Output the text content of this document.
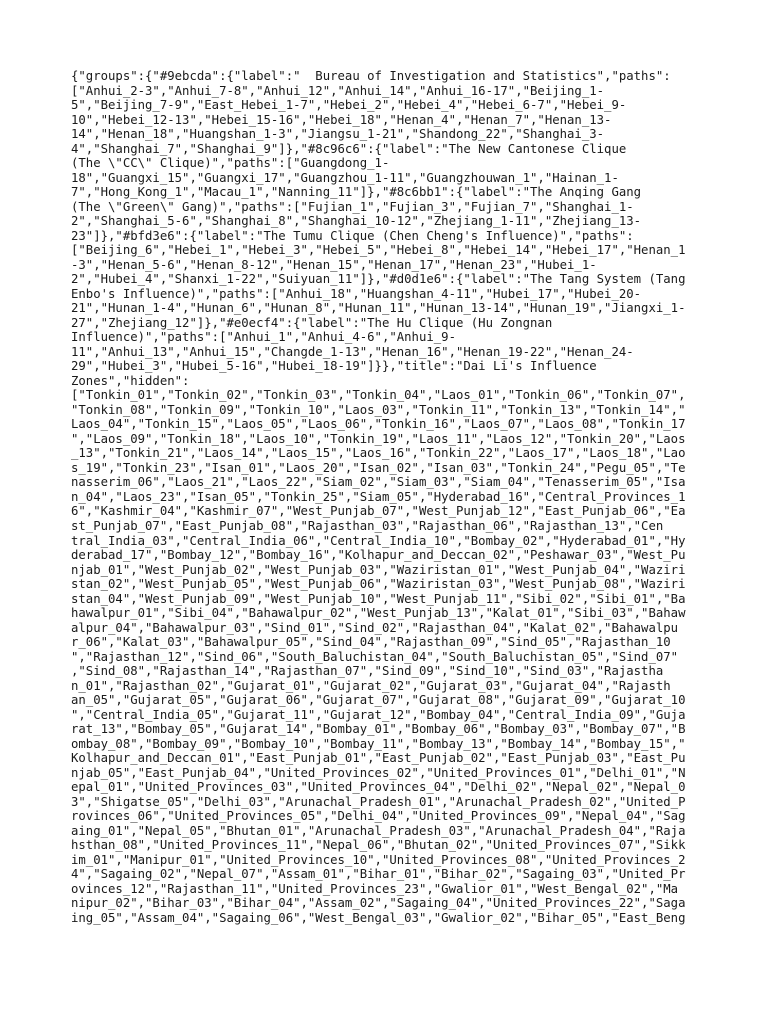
{"groups":{"#9ebcda":{"label":"  Bureau of Investigation and Statistics","paths":
["Anhui_2-3","Anhui_7-8","Anhui_12","Anhui_14","Anhui_16-17","Beijing_1-
5","Beijing_7-9","East_Hebei_1-7","Hebei_2","Hebei_4","Hebei_6-7","Hebei_9-
10","Hebei_12-13","Hebei_15-16","Hebei_18","Henan_4","Henan_7","Henan_13-
14","Henan_18","Huangshan_1-3","Jiangsu_1-21","Shandong_22","Shanghai_3-
4","Shanghai_7","Shanghai_9"]},"#8c96c6":{"label":"The New Cantonese Clique
(The \"CC\" Clique)","paths":["Guangdong_1-
18","Guangxi_15","Guangxi_17","Guangzhou_1-11","Guangzhouwan_1","Hainan_1-
7","Hong_Kong_1","Macau_1","Nanning_11"]},"#8c6bb1":{"label":"The Anqing Gang
(The \"Green\" Gang)","paths":["Fujian_1","Fujian_3","Fujian_7","Shanghai_1-
2","Shanghai_5-6","Shanghai_8","Shanghai_10-12","Zhejiang_1-11","Zhejiang_13-
23"]},"#bfd3e6":{"label":"The Tumu Clique (Chen Cheng's Influence)","paths":
["Beijing_6","Hebei_1","Hebei_3","Hebei_5","Hebei_8","Hebei_14","Hebei_17","Henan_1
-3","Henan_5-6","Henan_8-12","Henan_15","Henan_17","Henan_23","Hubei_1-
2","Hubei_4","Shanxi_1-22","Suiyuan_11"]},"#d0d1e6":{"label":"The Tang System (Tang
Enbo's Influence)","paths":["Anhui_18","Huangshan_4-11","Hubei_17","Hubei_20-
21","Hunan_1-4","Hunan_6","Hunan_8","Hunan_11","Hunan_13-14","Hunan_19","Jiangxi_1-
27","Zhejiang_12"]},"#e0ecf4":{"label":"The Hu Clique (Hu Zongnan
Influence)","paths":["Anhui_1","Anhui_4-6","Anhui_9-
11","Anhui_13","Anhui_15","Changde_1-13","Henan_16","Henan_19-22","Henan_24-
29","Hubei_3","Hubei_5-16","Hubei_18-19"]}},"title":"Dai Li's Influence
Zones","hidden":
["Tonkin_01","Tonkin_02","Tonkin_03","Tonkin_04","Laos_01","Tonkin_06","Tonkin_07",
"Tonkin_08","Tonkin_09","Tonkin_10","Laos_03","Tonkin_11","Tonkin_13","Tonkin_14","
Laos_04","Tonkin_15","Laos_05","Laos_06","Tonkin_16","Laos_07","Laos_08","Tonkin_17
","Laos_09","Tonkin_18","Laos_10","Tonkin_19","Laos_11","Laos_12","Tonkin_20","Laos
_13","Tonkin_21","Laos_14","Laos_15","Laos_16","Tonkin_22","Laos_17","Laos_18","Lao
s_19","Tonkin_23","Isan_01","Laos_20","Isan_02","Isan_03","Tonkin_24","Pegu_05","Te
nasserim_06","Laos_21","Laos_22","Siam_02","Siam_03","Siam_04","Tenasserim_05","Isa
n_04","Laos_23","Isan_05","Tonkin_25","Siam_05","Hyderabad_16","Central_Provinces_1
6","Kashmir_04","Kashmir_07","West_Punjab_07","West_Punjab_12","East_Punjab_06","Ea
st_Punjab_07","East_Punjab_08","Rajasthan_03","Rajasthan_06","Rajasthan_13","Cen
tral_India_03","Central_India_06","Central_India_10","Bombay_02","Hyderabad_01","Hy
derabad_17","Bombay_12","Bombay_16","Kolhapur_and_Deccan_02","Peshawar_03","West_Pu
njab_01","West_Punjab_02","West_Punjab_03","Waziristan_01","West_Punjab_04","Waziri
stan_02","West_Punjab_05","West_Punjab_06","Waziristan_03","West_Punjab_08","Waziri
stan_04","West_Punjab_09","West_Punjab_10","West_Punjab_11","Sibi_02","Sibi_01","Ba
hawalpur_01","Sibi_04","Bahawalpur_02","West_Punjab_13","Kalat_01","Sibi_03","Bahaw
alpur_04","Bahawalpur_03","Sind_01","Sind_02","Rajasthan_04","Kalat_02","Bahawalpu
r_06","Kalat_03","Bahawalpur_05","Sind_04","Rajasthan_09","Sind_05","Rajasthan_10
","Rajasthan_12","Sind_06","South_Baluchistan_04","South_Baluchistan_05","Sind_07"
,"Sind_08","Rajasthan_14","Rajasthan_07","Sind_09","Sind_10","Sind_03","Rajastha
n_01","Rajasthan_02","Gujarat_01","Gujarat_02","Gujarat_03","Gujarat_04","Rajasth
an_05","Gujarat_05","Gujarat_06","Gujarat_07","Gujarat_08","Gujarat_09","Gujarat_10
","Central_India_05","Gujarat_11","Gujarat_12","Bombay_04","Central_India_09","Guja
rat_13","Bombay_05","Gujarat_14","Bombay_01","Bombay_06","Bombay_03","Bombay_07","B
ombay_08","Bombay_09","Bombay_10","Bombay_11","Bombay_13","Bombay_14","Bombay_15","
Kolhapur_and_Deccan_01","East_Punjab_01","East_Punjab_02","East_Punjab_03","East_Pu
njab_05","East_Punjab_04","United_Provinces_02","United_Provinces_01","Delhi_01","N
epal_01","United_Provinces_03","United_Provinces_04","Delhi_02","Nepal_02","Nepal_0
3","Shigatse_05","Delhi_03","Arunachal_Pradesh_01","Arunachal_Pradesh_02","United_P
rovinces_06","United_Provinces_05","Delhi_04","United_Provinces_09","Nepal_04","Sag
aing_01","Nepal_05","Bhutan_01","Arunachal_Pradesh_03","Arunachal_Pradesh_04","Raja
hsthan_08","United_Provinces_11","Nepal_06","Bhutan_02","United_Provinces_07","Sikk
im_01","Manipur_01","United_Provinces_10","United_Provinces_08","United_Provinces_2
4","Sagaing_02","Nepal_07","Assam_01","Bihar_01","Bihar_02","Sagaing_03","United_Pr
ovinces_12","Rajasthan_11","United_Provinces_23","Gwalior_01","West_Bengal_02","Ma
nipur_02","Bihar_03","Bihar_04","Assam_02","Sagaing_04","United_Provinces_22","Saga
ing_05","Assam_04","Sagaing_06","West_Bengal_03","Gwalior_02","Bihar_05","East_Beng
